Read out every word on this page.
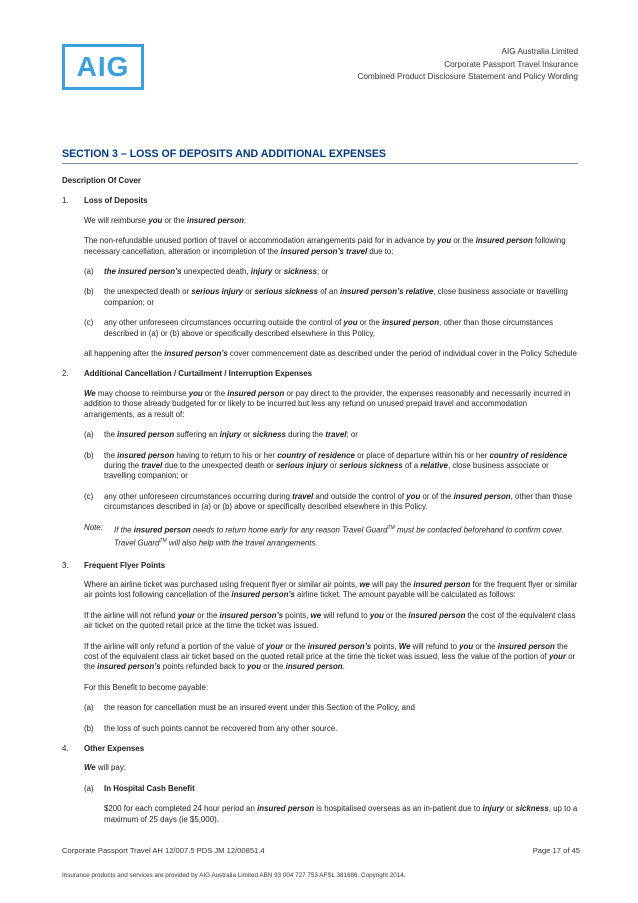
AIG	AIG Australia Limited
Corporate Passport Travel Insurance
Combined Product Disclosure Statement and Policy Wording
SECTION 3 – LOSS OF DEPOSITS AND ADDITIONAL EXPENSES
Description Of Cover
1.	Loss of Deposits
We will reimburse you or the insured person:
The non-refundable unused portion of travel or accommodation arrangements paid for in advance by you or the insured person following necessary cancellation, alteration or incompletion of the insured person’s travel due to:
(a)	the insured person’s unexpected death, injury or sickness; or
(b)	the unexpected death or serious injury or serious sickness of an insured person’s relative, close business associate or travelling companion; or
(c)	any other unforeseen circumstances occurring outside the control of you or the insured person, other than those circumstances described in (a) or (b) above or specifically described elsewhere in this Policy,
all happening after the insured person’s cover commencement date as described under the period of individual cover in the Policy Schedule
2.	Additional Cancellation / Curtailment / Interruption Expenses
We may choose to reimburse you or the insured person or pay direct to the provider, the expenses reasonably and necessarily incurred in addition to those already budgeted for or likely to be incurred but less any refund on unused prepaid travel and accommodation arrangements, as a result of:
(a)	the insured person suffering an injury or sickness during the travel; or
(b)	the insured person having to return to his or her country of residence or place of departure within his or her country of residence during the travel due to the unexpected death or serious injury or serious sickness of a relative, close business associate or travelling companion; or
(c)	any other unforeseen circumstances occurring during travel and outside the control of you or of the insured person, other than those circumstances described in (a) or (b) above or specifically described elsewhere in this Policy.
Note:	If the insured person needs to return home early for any reason Travel Guard™ must be contacted beforehand to confirm cover. Travel Guard™ will also help with the travel arrangements.
3.	Frequent Flyer Points
Where an airline ticket was purchased using frequent flyer or similar air points, we will pay the insured person for the frequent flyer or similar air points lost following cancellation of the insured person’s airline ticket. The amount payable will be calculated as follows:
If the airline will not refund your or the insured person’s points, we will refund to you or the insured person the cost of the equivalent class air ticket on the quoted retail price at the time the ticket was issued.
If the airline will only refund a portion of the value of your or the insured person’s points, We will refund to you or the insured person the cost of the equivalent class air ticket based on the quoted retail price at the time the ticket was issued, less the value of the portion of your or the insured person’s points refunded back to you or the insured person.
For this Benefit to become payable:
(a)	the reason for cancellation must be an insured event under this Section of the Policy, and
(b)	the loss of such points cannot be recovered from any other source.
4.	Other Expenses
We will pay:
(a)	In Hospital Cash Benefit
$200 for each completed 24 hour period an insured person is hospitalised overseas as an in-patient due to injury or sickness, up to a maximum of 25 days (ie $5,000).
Corporate Passport Travel AH 12/007.5 PDS JM 12/00851.4	Page 17 of 45
Insurance products and services are provided by AIG Australia Limited ABN 93 004 727 753 AFSL 381686. Copyright 2014.
